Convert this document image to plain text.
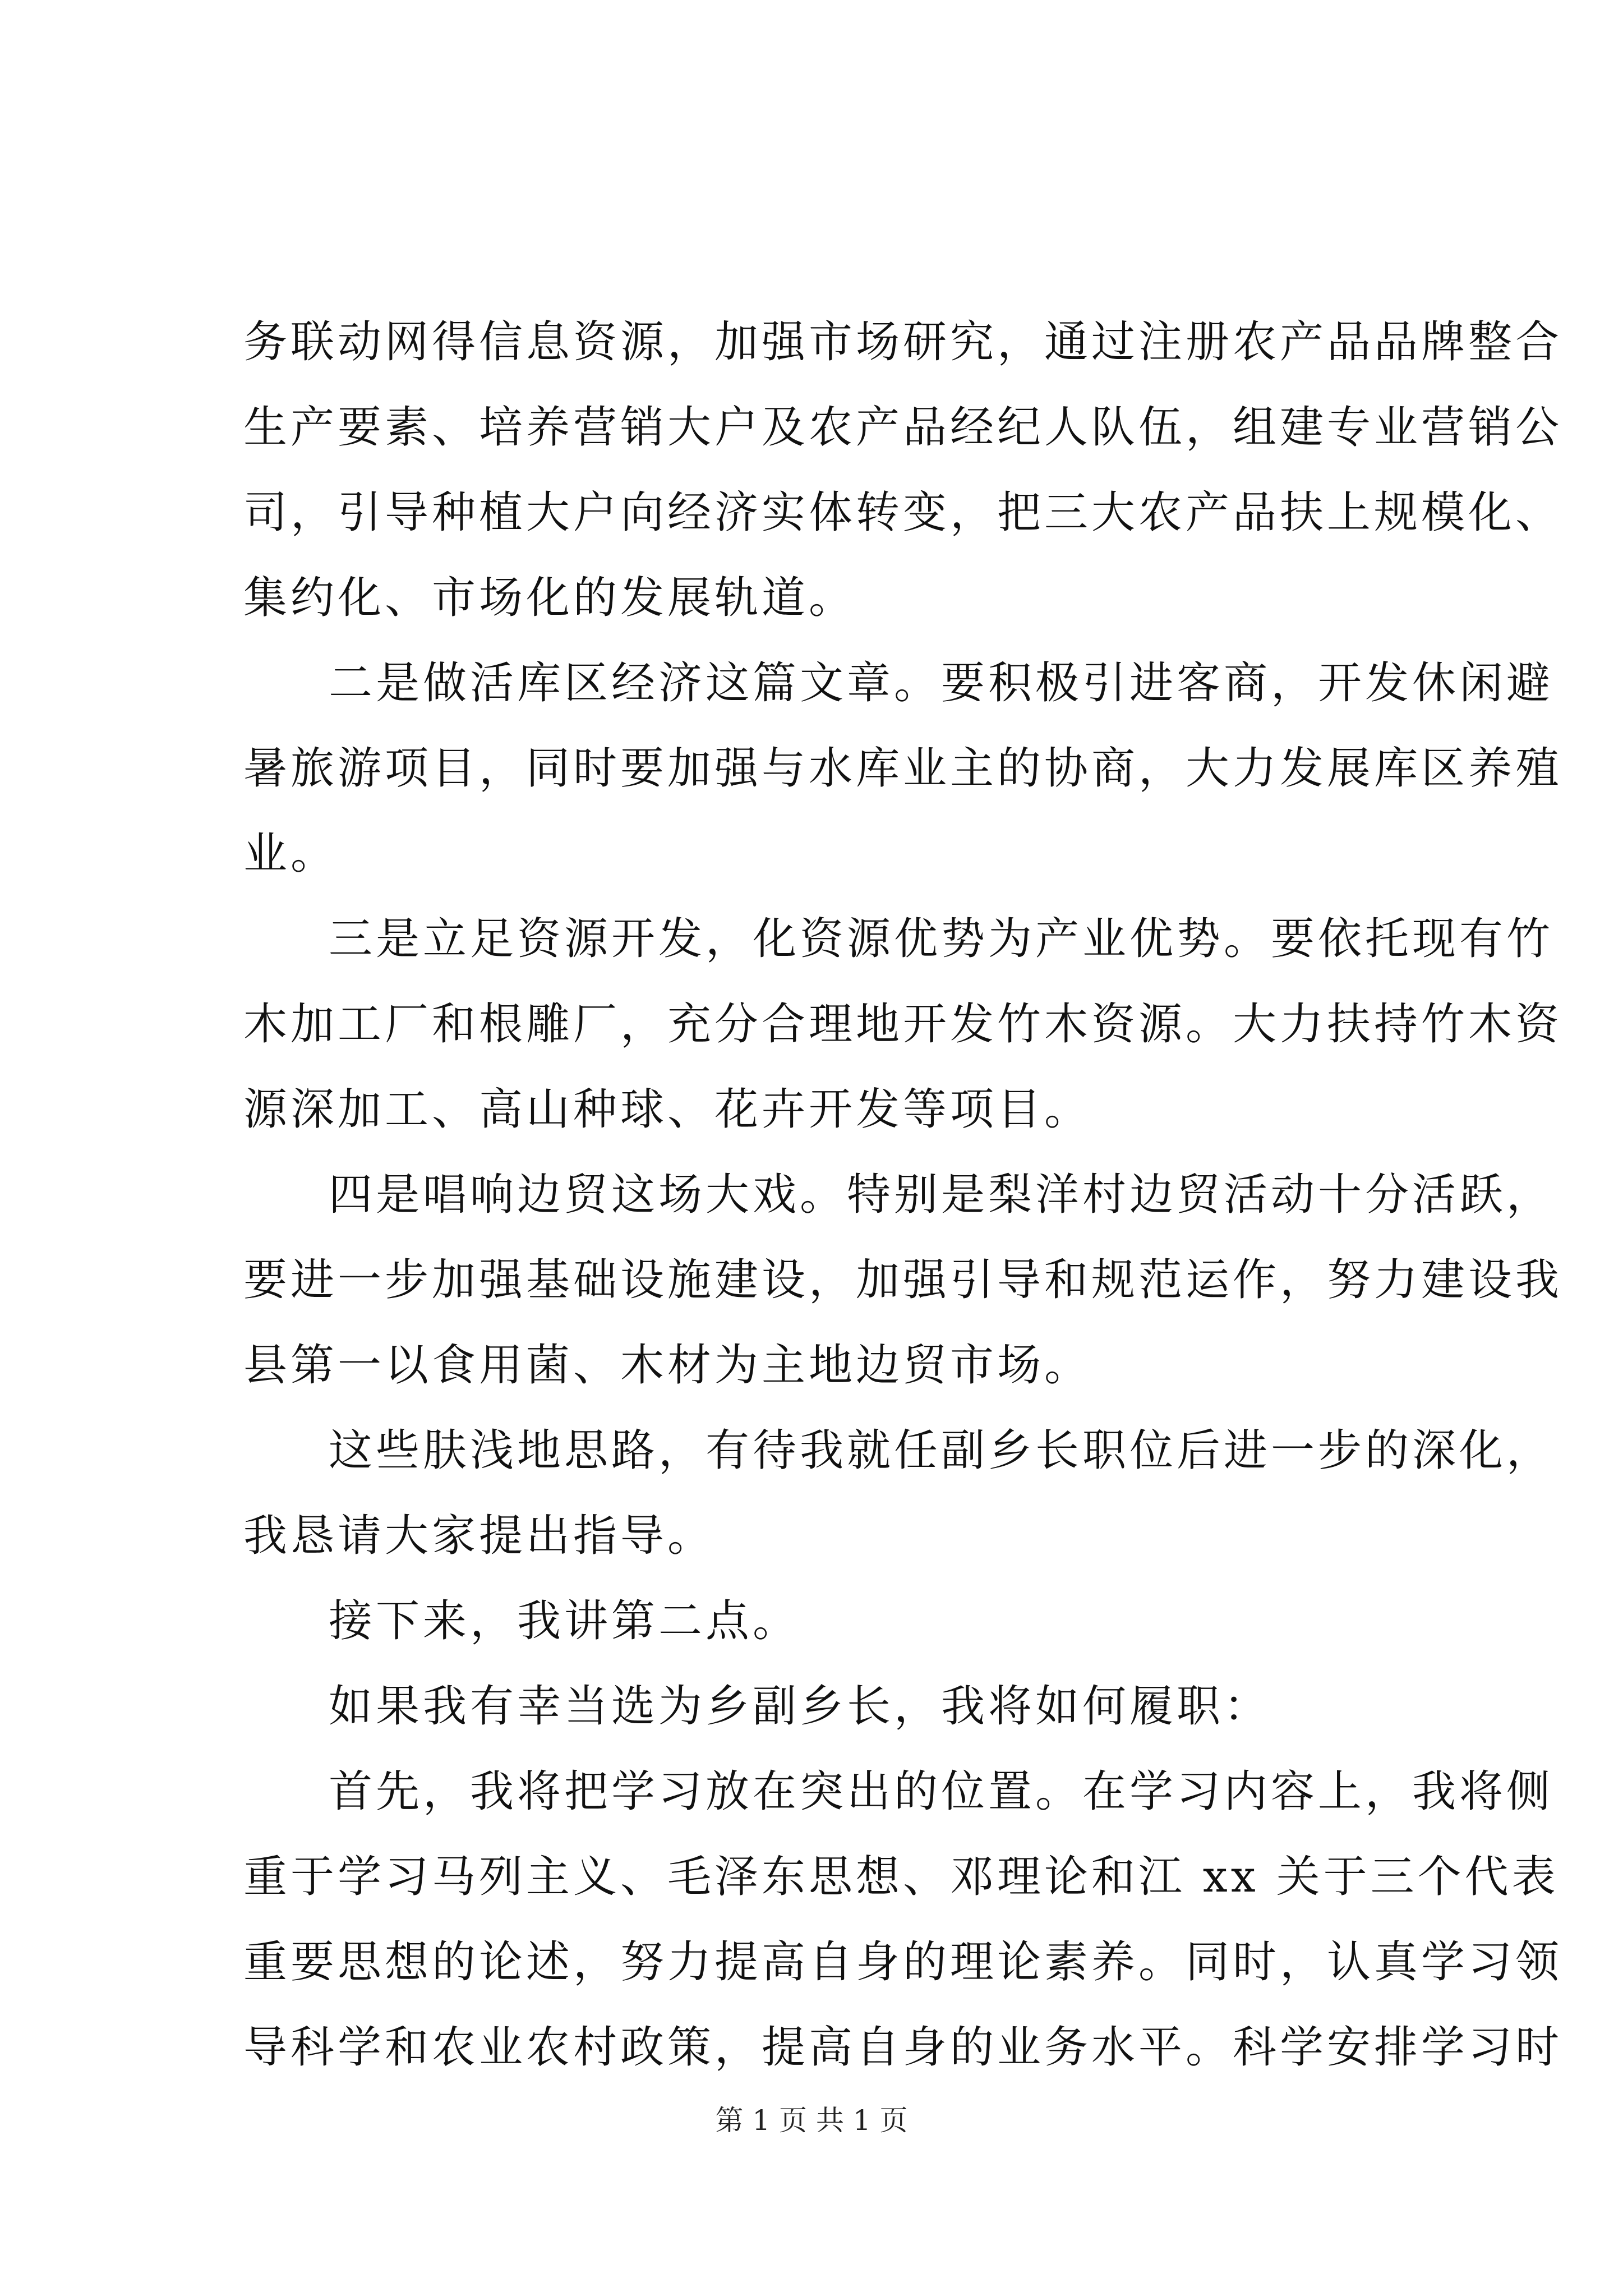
务联动网得信息资源，加强市场研究，通过注册农产品品牌整合
生产要素、培养营销大户及农产品经纪人队伍，组建专业营销公
司，引导种植大户向经济实体转变，把三大农产品扶上规模化、
集约化、市场化的发展轨道。
二是做活库区经济这篇文章。要积极引进客商，开发休闲避
暑旅游项目，同时要加强与水库业主的协商，大力发展库区养殖
业。
三是立足资源开发，化资源优势为产业优势。要依托现有竹
木加工厂和根雕厂，充分合理地开发竹木资源。大力扶持竹木资
源深加工、高山种球、花卉开发等项目。
四是唱响边贸这场大戏。特别是梨洋村边贸活动十分活跃，
要进一步加强基础设施建设，加强引导和规范运作，努力建设我
县第一以食用菌、木材为主地边贸市场。
这些肤浅地思路，有待我就任副乡长职位后进一步的深化，
我恳请大家提出指导。
接下来，我讲第二点。
如果我有幸当选为乡副乡长，我将如何履职：
首先，我将把学习放在突出的位置。在学习内容上，我将侧
重于学习马列主义、毛泽东思想、邓理论和江 xx 关于三个代表
重要思想的论述，努力提高自身的理论素养。同时，认真学习领
导科学和农业农村政策，提高自身的业务水平。科学安排学习时
第 1 页 共 1 页
